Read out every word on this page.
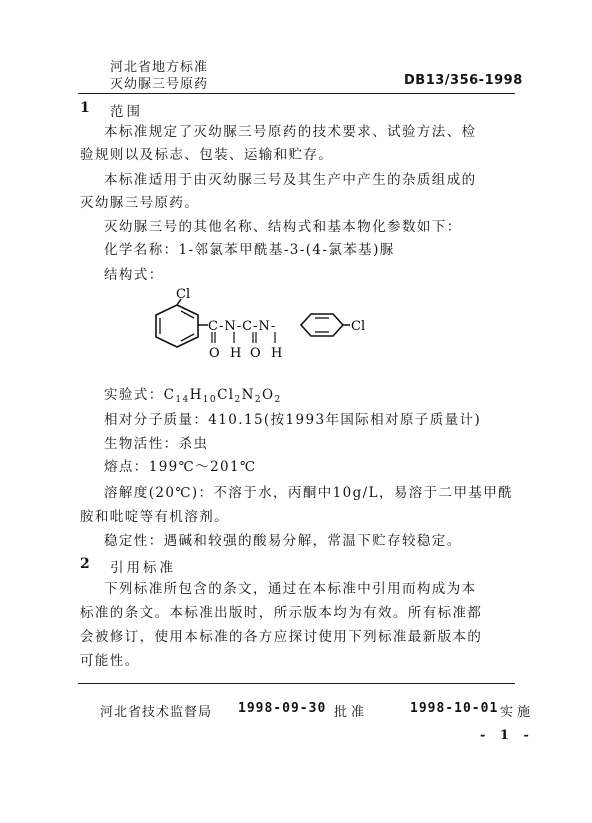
河北省地方标准
灭幼脲三号原药	DB13/356-1998
1 范围
本标准规定了灭幼脲三号原药的技术要求、试验方法、检
验规则以及标志、包装、运输和贮存。
本标准适用于由灭幼脲三号及其生产中产生的杂质组成的
灭幼脲三号原药。
灭幼脲三号的其他名称、结构式和基本物化参数如下：
化学名称：1-邻氯苯甲酰基-3-(4-氯苯基)脲
结构式：
Cl
C-N-C-N-
O H O H
Cl
实验式：$C_{14}H_{10}Cl_2N_2O_2$
相对分子质量：410.15(按1993年国际相对原子质量计)
生物活性：杀虫
熔点：199℃～201℃
溶解度(20℃)：不溶于水，丙酮中10g/L，易溶于二甲基甲酰
胺和吡啶等有机溶剂。
稳定性：遇碱和较强的酸易分解，常温下贮存较稳定。
2 引用标准
下列标准所包含的条文，通过在本标准中引用而构成为本
标准的条文。本标准出版时，所示版本均为有效。所有标准都
会被修订，使用本标准的各方应探讨使用下列标准最新版本的
可能性。
河北省技术监督局 1998-09-30 批准	1998-10-01 实施
- 1 -
